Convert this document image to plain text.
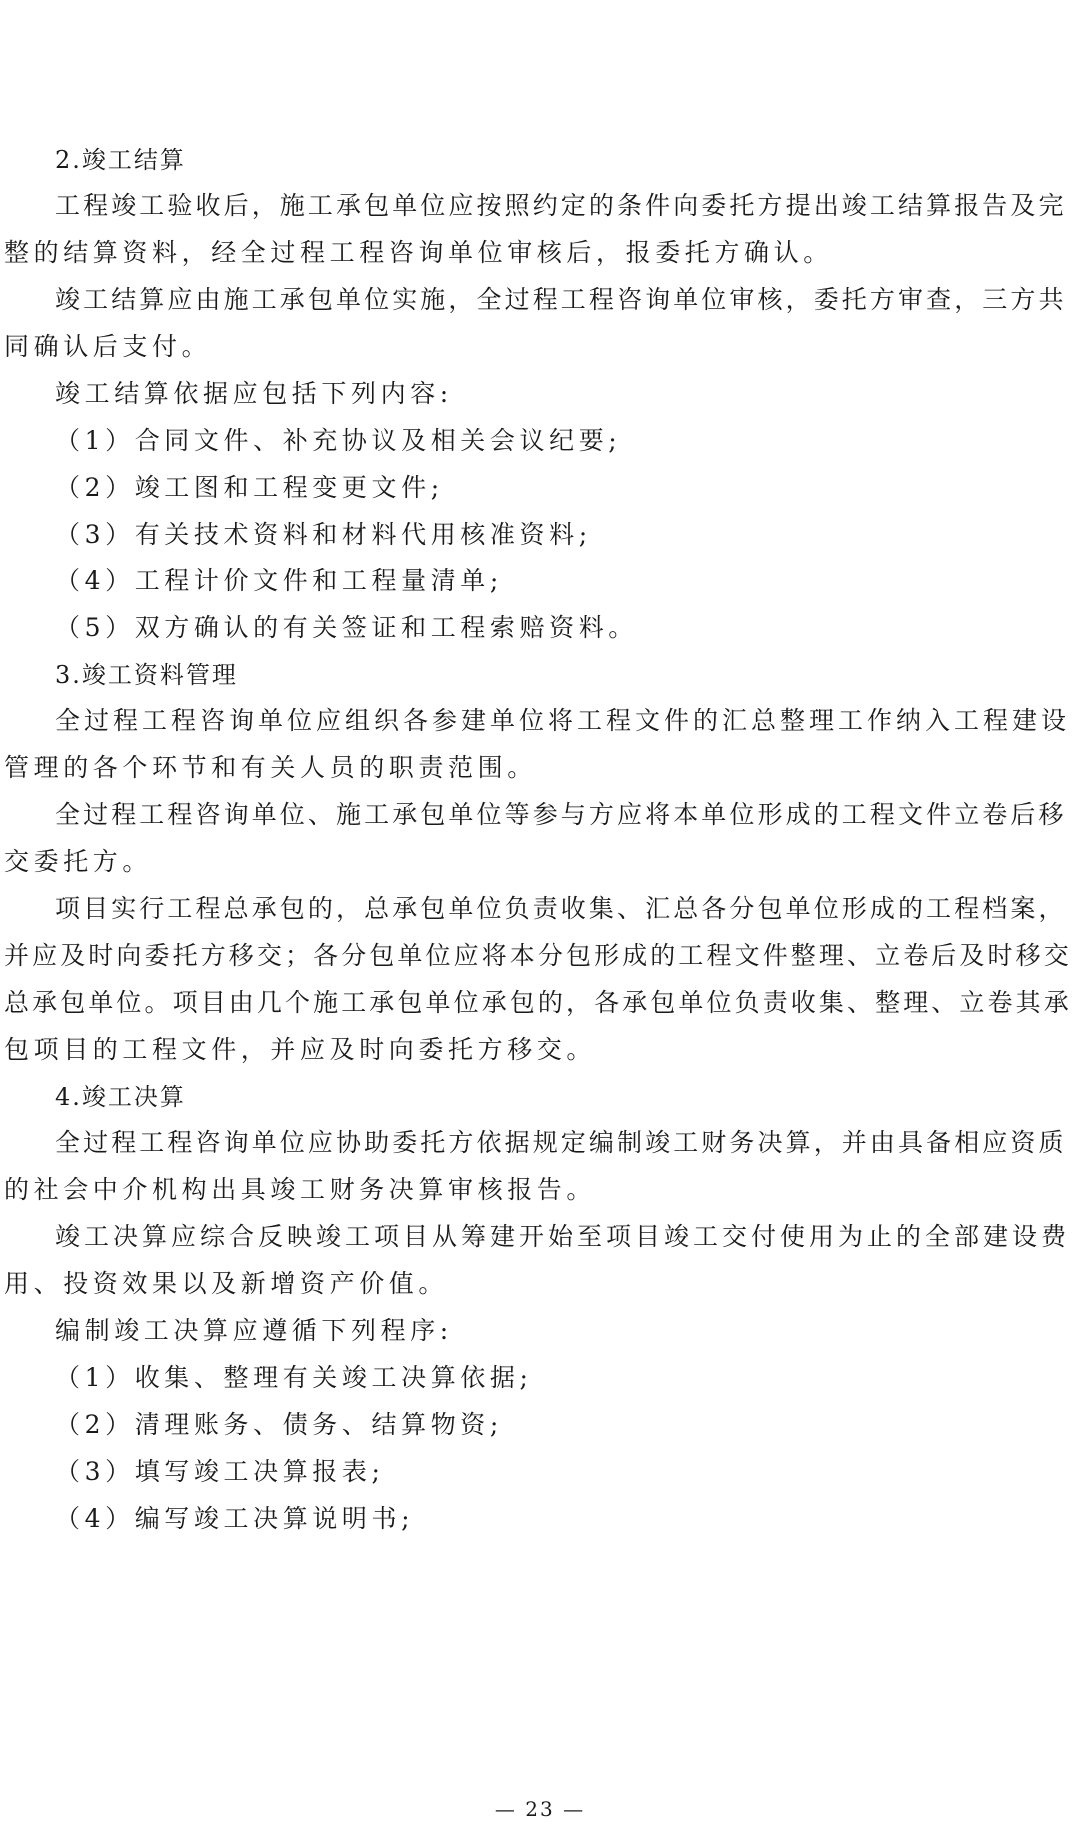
2.竣工结算
工程竣工验收后，施工承包单位应按照约定的条件向委托方提出竣工结算报告及完
整的结算资料，经全过程工程咨询单位审核后，报委托方确认。
竣工结算应由施工承包单位实施，全过程工程咨询单位审核，委托方审查，三方共
同确认后支付。
竣工结算依据应包括下列内容:
（1）合同文件、补充协议及相关会议纪要;
（2）竣工图和工程变更文件;
（3）有关技术资料和材料代用核准资料;
（4）工程计价文件和工程量清单;
（5）双方确认的有关签证和工程索赔资料。
3.竣工资料管理
全过程工程咨询单位应组织各参建单位将工程文件的汇总整理工作纳入工程建设
管理的各个环节和有关人员的职责范围。
全过程工程咨询单位、施工承包单位等参与方应将本单位形成的工程文件立卷后移
交委托方。
项目实行工程总承包的，总承包单位负责收集、汇总各分包单位形成的工程档案，
并应及时向委托方移交；各分包单位应将本分包形成的工程文件整理、立卷后及时移交
总承包单位。项目由几个施工承包单位承包的，各承包单位负责收集、整理、立卷其承
包项目的工程文件，并应及时向委托方移交。
4.竣工决算
全过程工程咨询单位应协助委托方依据规定编制竣工财务决算，并由具备相应资质
的社会中介机构出具竣工财务决算审核报告。
竣工决算应综合反映竣工项目从筹建开始至项目竣工交付使用为止的全部建设费
用、投资效果以及新增资产价值。
编制竣工决算应遵循下列程序:
（1）收集、整理有关竣工决算依据;
（2）清理账务、债务、结算物资;
（3）填写竣工决算报表;
（4）编写竣工决算说明书;
— 23 —
